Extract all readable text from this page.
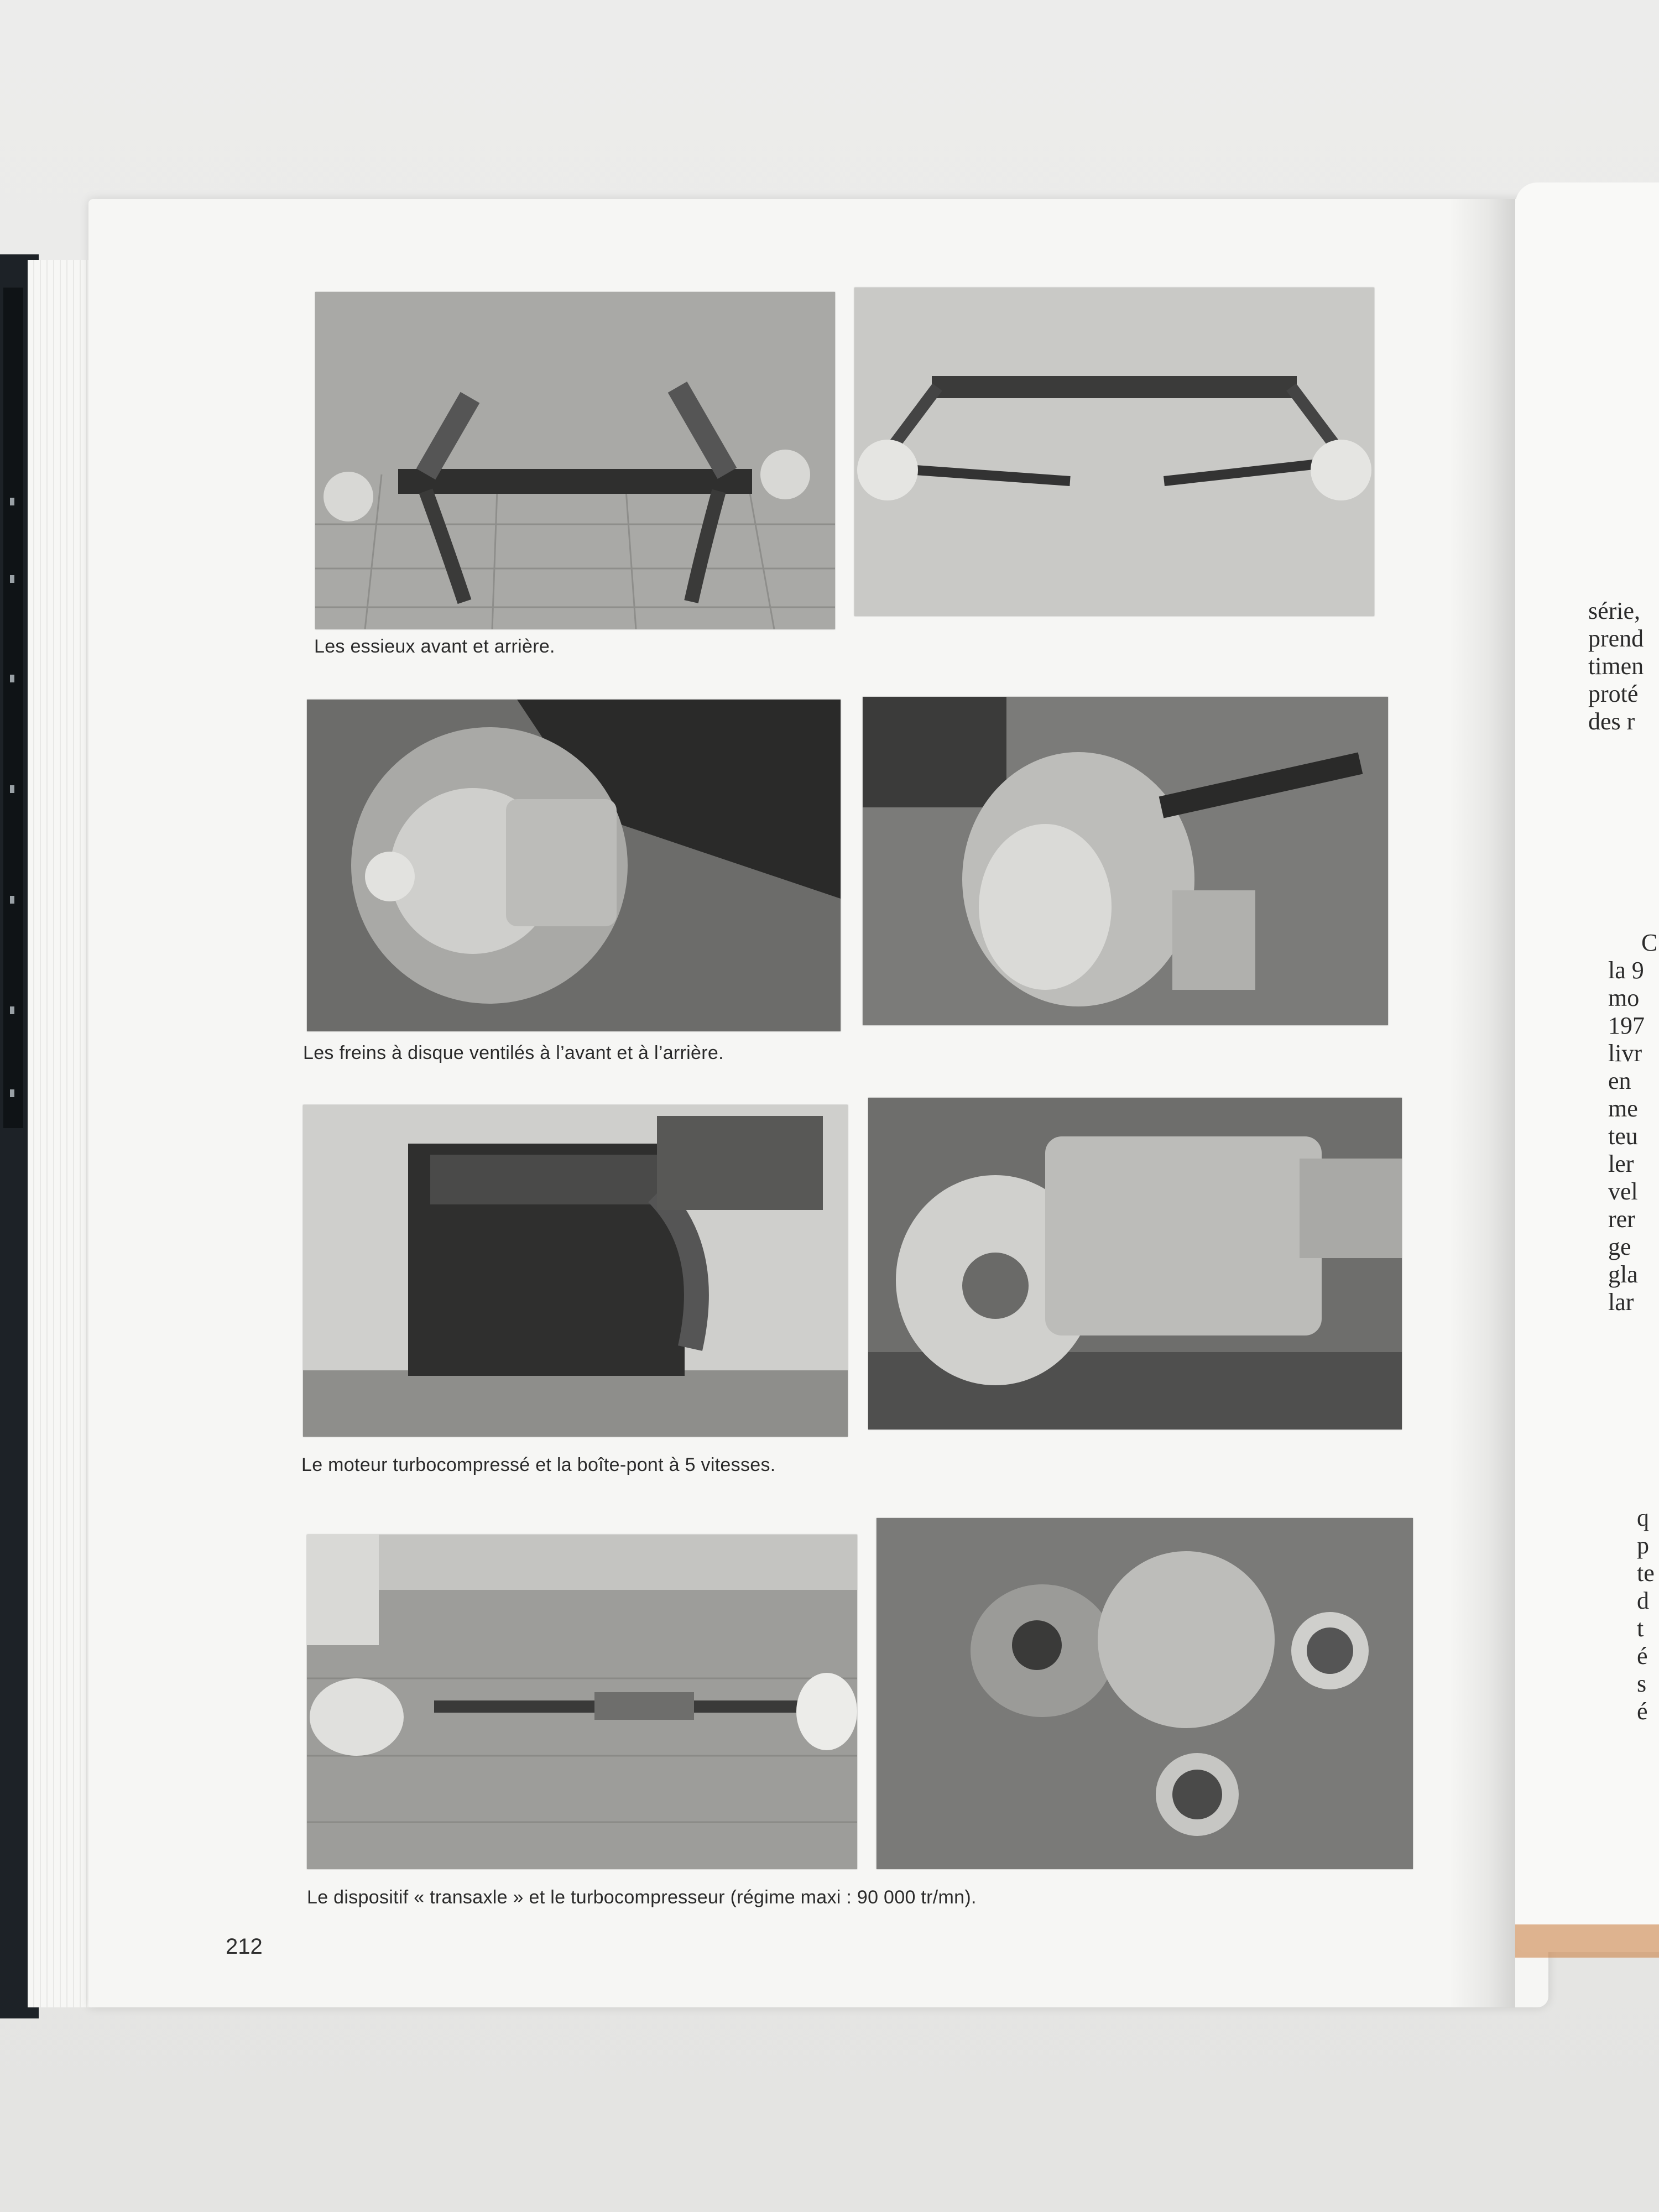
Les essieux avant et arrière.
Les freins à disque ventilés à l’avant et à l’arrière.
Le moteur turbocompressé et la boîte-pont à 5 vitesses.
Le dispositif « transaxle » et le turbocompresseur (régime maxi : 90 000 tr/mn).
212
série,
prend
timen
proté
des r
C
la 9
mo
197
livr
en
me
teu
ler
vel
rer
ge
gla
lar
q
p
te
d
t
é
s
é
